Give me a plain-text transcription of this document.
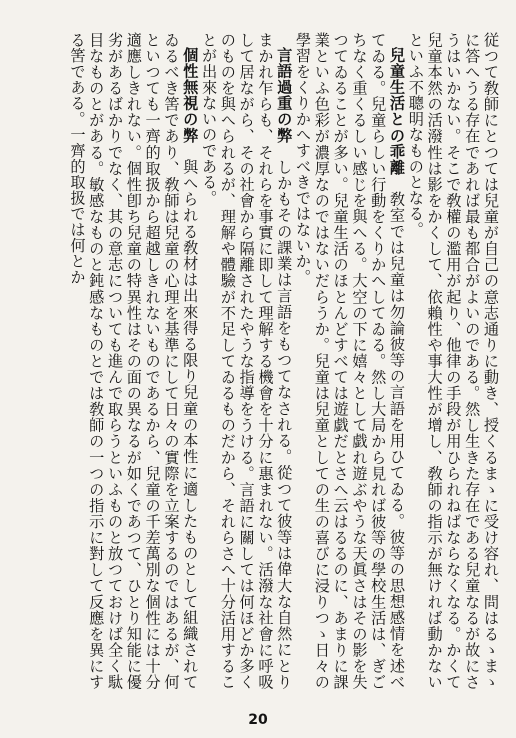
従つて敎師にとつては兒童が自己の意志通りに動き、授くるまゝに受け容れ、問はるゝまゝに答へうる存在であれば最も都合がよいのである。然し生きた存在である兒童なるが故にさうはいかない。そこで敎權の濫用が起り、他律の手段が用ひられねばならなくなる。かくて兒童本然の活潑性は影をかくして、依賴性や事大性が增し、敎師の指示が無ければ動かないといふ不聰明なものとなる。

兒童生活との乖離敎室では兒童は勿論彼等の言語を用ひてゐる。彼等の思想感情を述べてゐる。兒童らしい行動をくりかへしてゐる。然し大局から見れば彼等の學校生活は、ぎごちなく重くるしい感じを與へる。大空の下に嬉々として戯れ遊ぶやうな天眞さはその影を失つてゐることが多い。兒童生活のほとんどすべては遊戯だとさへ云はるるのに、あまりに課業といふ色彩が濃厚なのではないだらうか。兒童は兒童としての生の喜びに浸りつゝ日々の學習をくりかへすべきではないか。

言語過重の弊しかもその課業は言語をもつてなされる。從つて彼等は偉大な自然にとりまかれ乍らも、それらを事實に即して理解する機會を十分に惠まれない。活潑な社會に呼吸して居ながら、その社會から隔離されたやうな指導をうける。言語に關しては何ほどか多くのものを與へられるが、理解や體驗が不足してゐるものだから、それらさへ十分活用することが出來ないのである。

個性無視の弊與へられる敎材は出來得る限り兒童の本性に適したものとして組織されてゐるべき筈であり、敎師は兒童の心理を基準にして日々の實際を立案するのではあるが、何といつても一齊的取扱から超越しきれないものであるから、兒童の千差萬別な個性には十分適應しきれない。個性卽ち兒童の特異性はその面の異なるが如くであつて、ひとり知能に優劣があるばかりでなく、其の意志についても進んで取らうといふものと放つておけば全く駄目なものとがある。敏感なものと鈍感なものとでは敎師の一つの指示に對して反應を異にする筈である。一齊的取扱では何とか

20
